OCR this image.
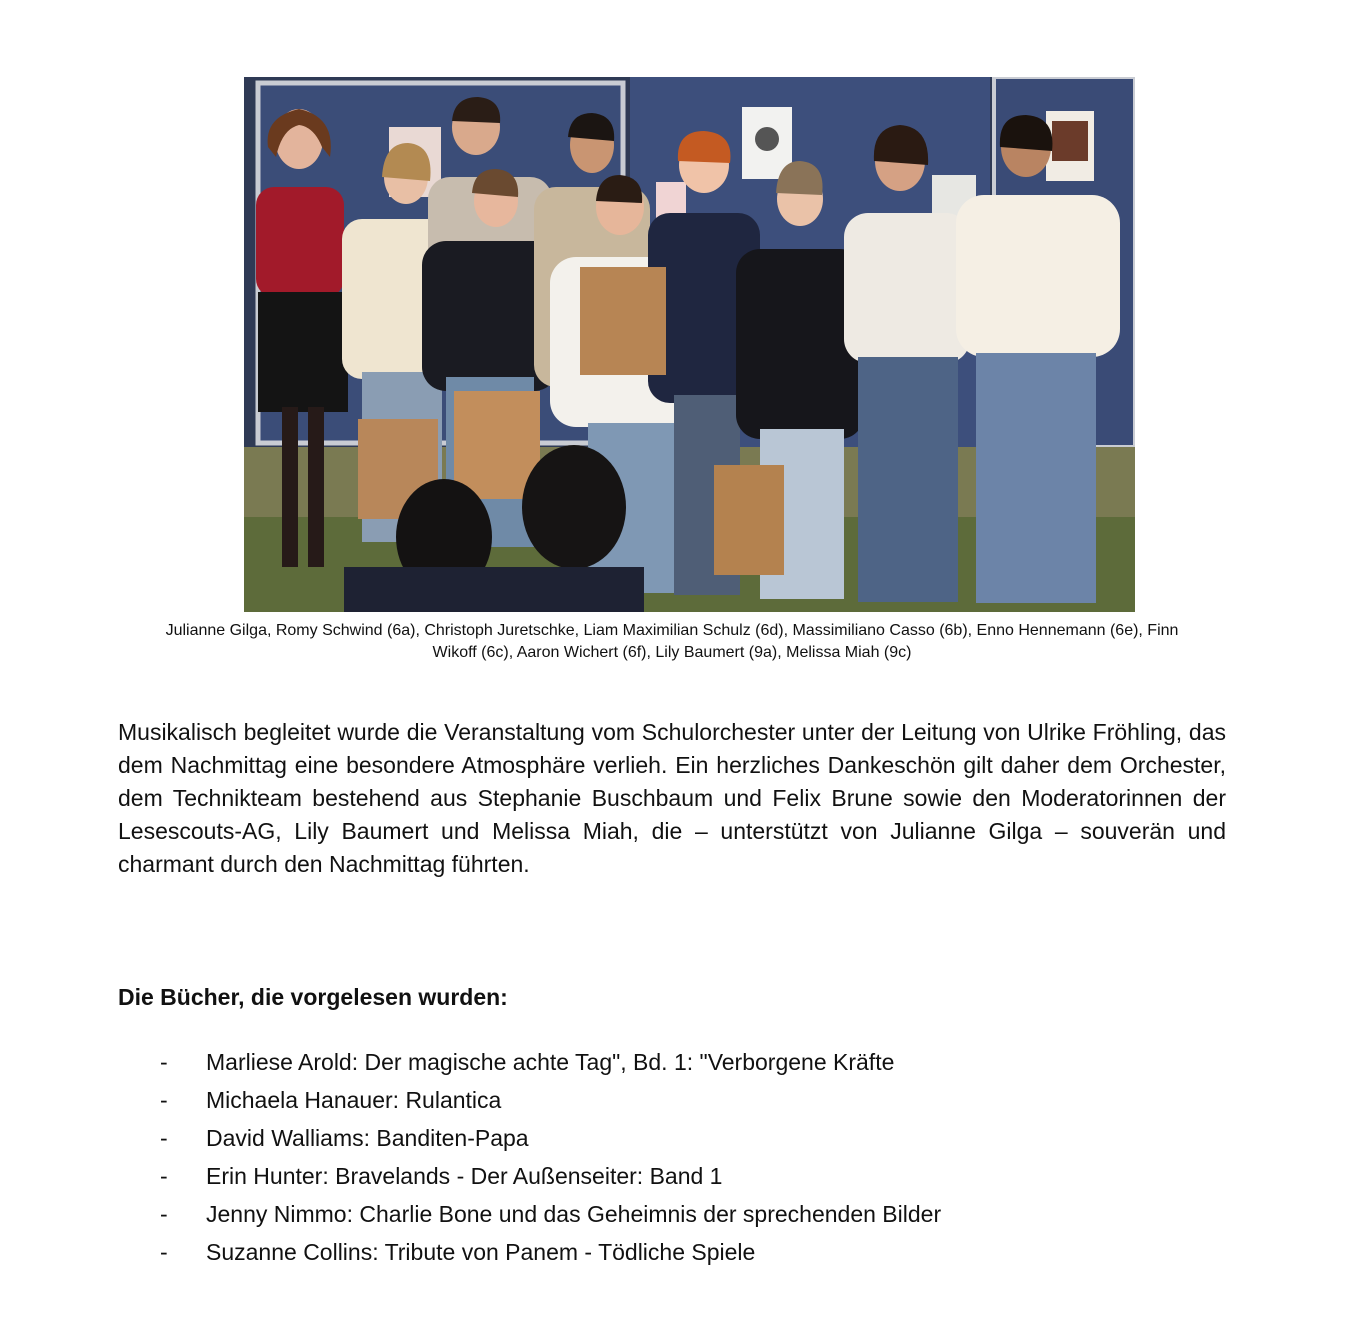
Julianne Gilga, Romy Schwind (6a), Christoph Juretschke, Liam Maximilian Schulz (6d), Massimiliano Casso (6b), Enno Hennemann (6e), Finn
Wikoff (6c), Aaron Wichert (6f), Lily Baumert (9a), Melissa Miah (9c)
Musikalisch begleitet wurde die Veranstaltung vom Schulorchester unter der Leitung von Ulrike Fröhling, das dem Nachmittag eine besondere Atmosphäre verlieh. Ein herzliches Dankeschön gilt daher dem Orchester, dem Technikteam bestehend aus Stephanie Buschbaum und Felix Brune sowie den Moderatorinnen der Lesescouts-AG, Lily Baumert und Melissa Miah, die – unterstützt von Julianne Gilga – souverän und charmant durch den Nachmittag führten.
Die Bücher, die vorgelesen wurden:
- Marliese Arold: Der magische achte Tag", Bd. 1: "Verborgene Kräfte
- Michaela Hanauer: Rulantica
- David Walliams: Banditen-Papa
- Erin Hunter: Bravelands - Der Außenseiter: Band 1
- Jenny Nimmo: Charlie Bone und das Geheimnis der sprechenden Bilder
- Suzanne Collins: Tribute von Panem - Tödliche Spiele
